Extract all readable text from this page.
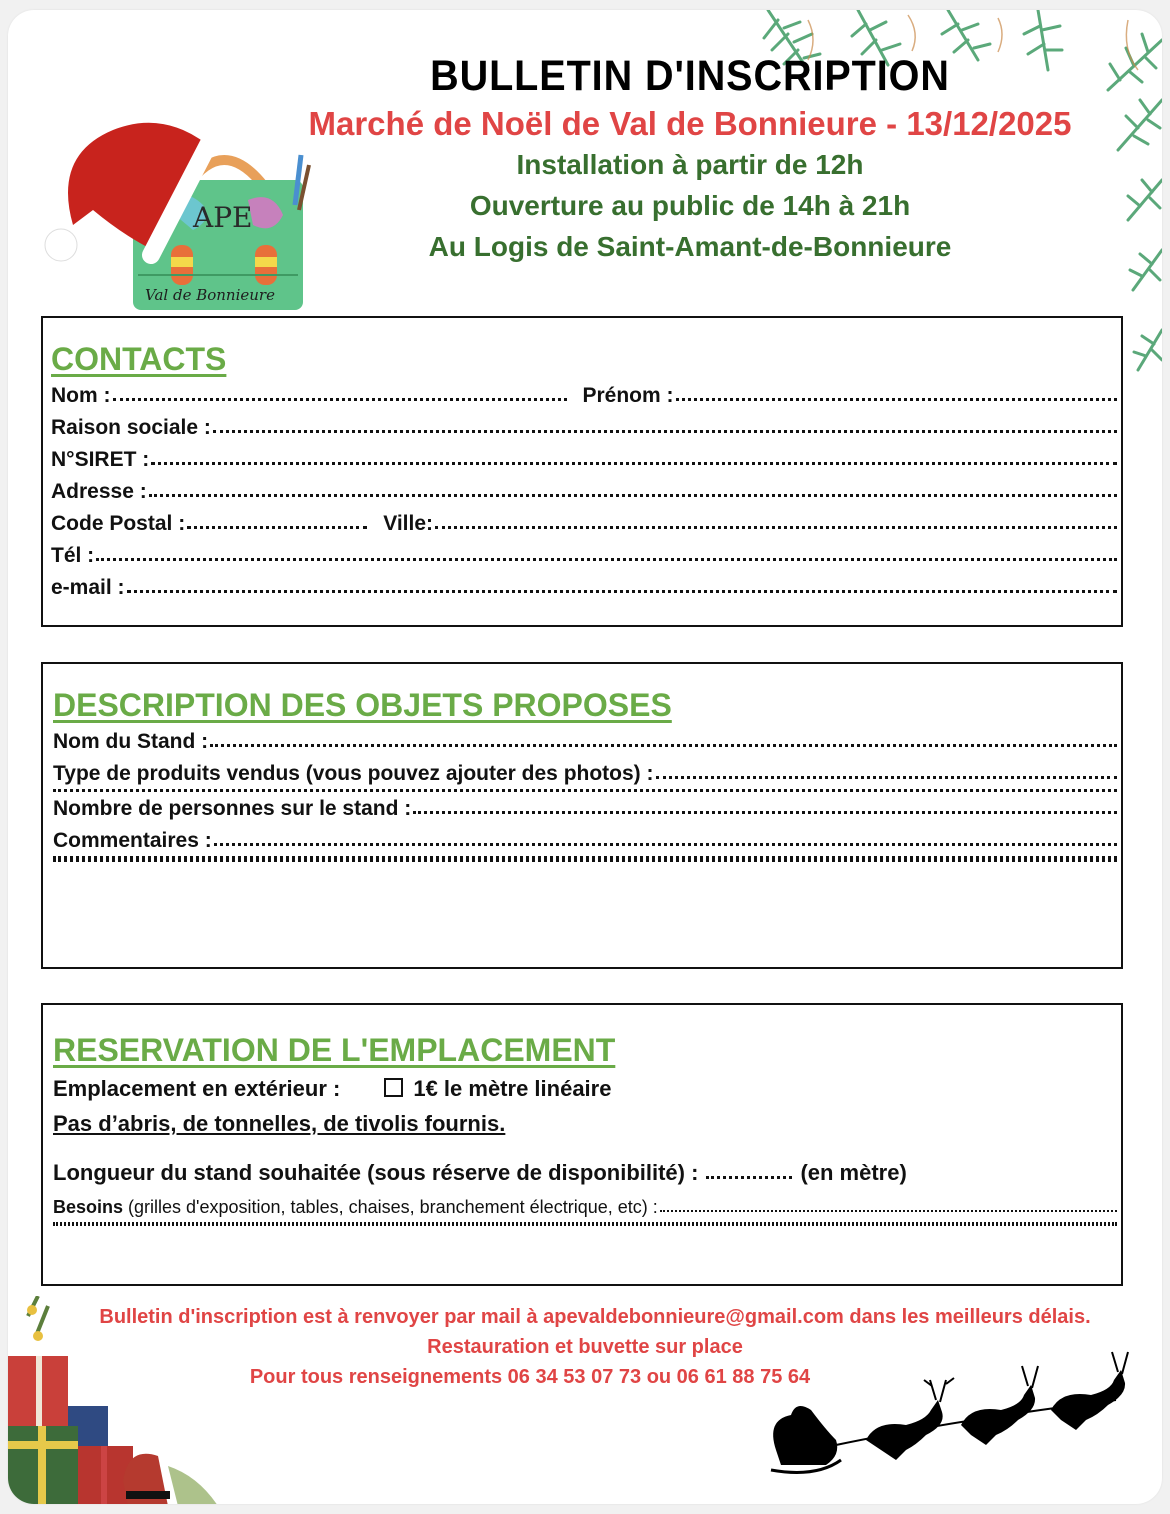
APE
Val de Bonnieure
BULLETIN D'INSCRIPTION
Marché de Noël de Val de Bonnieure - 13/12/2025
Installation à partir de 12h
Ouverture au public de 14h à 21h
Au Logis de Saint-Amant-de-Bonnieure
CONTACTS
Nom :	Prénom :
Raison sociale :
N°SIRET :
Adresse :
Code Postal :	Ville:
Tél :
e-mail :
DESCRIPTION DES OBJETS PROPOSES
Nom du Stand :
Type de produits vendus (vous pouvez ajouter des photos) :
Nombre de personnes sur le stand :
Commentaires :
RESERVATION DE L'EMPLACEMENT
Emplacement en extérieur :	1€ le mètre linéaire
Pas d’abris, de tonnelles, de tivolis fournis.
Longueur du stand souhaitée (sous réserve de disponibilité) :	(en mètre)
Besoins (grilles d'exposition, tables, chaises, branchement électrique, etc) :
Bulletin d'inscription est à renvoyer par mail à apevaldebonnieure@gmail.com dans les meilleurs délais.
Restauration et buvette sur place
Pour tous renseignements 06 34 53 07 73 ou 06 61 88 75 64
